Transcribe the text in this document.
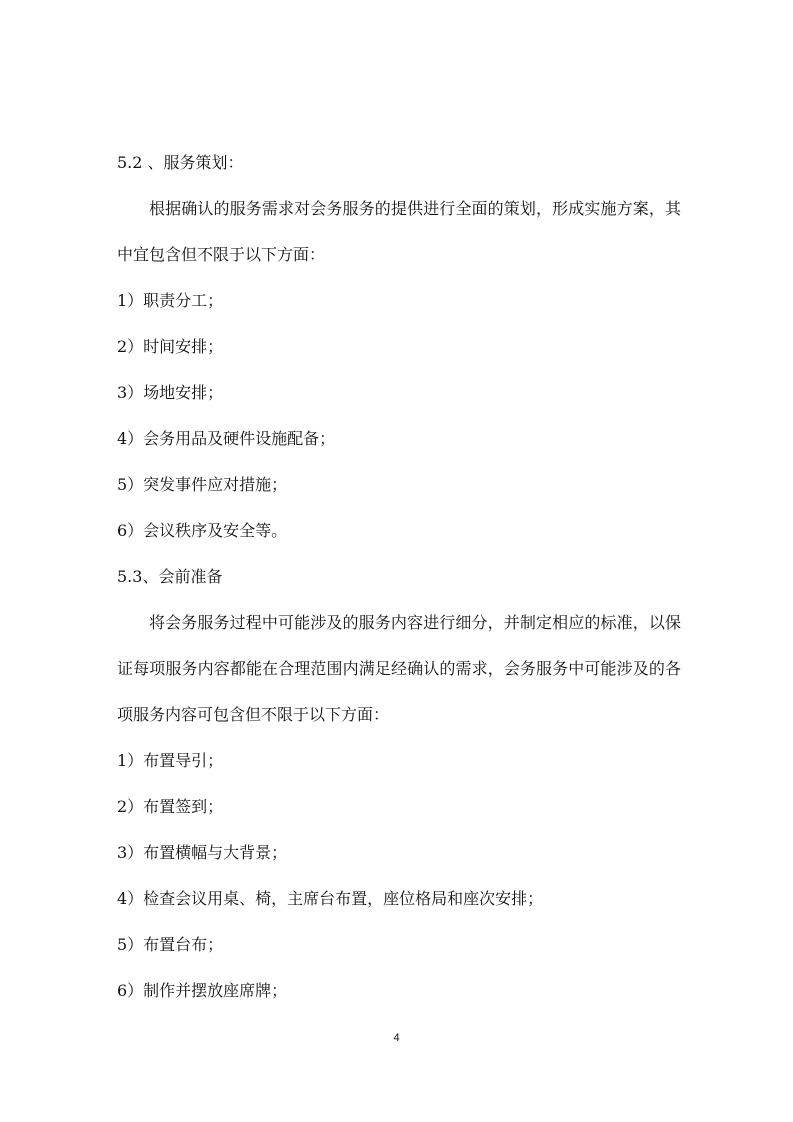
5.2 、服务策划：

根据确认的服务需求对会务服务的提供进行全面的策划，形成实施方案，其中宜包含但不限于以下方面：

1）职责分工；

2）时间安排；

3）场地安排；

4）会务用品及硬件设施配备；

5）突发事件应对措施；

6）会议秩序及安全等。

5.3、会前准备

将会务服务过程中可能涉及的服务内容进行细分，并制定相应的标准，以保证每项服务内容都能在合理范围内满足经确认的需求，会务服务中可能涉及的各项服务内容可包含但不限于以下方面：

1）布置导引；

2）布置签到；

3）布置横幅与大背景；

4）检查会议用桌、椅，主席台布置，座位格局和座次安排；

5）布置台布；

6）制作并摆放座席牌；

4
